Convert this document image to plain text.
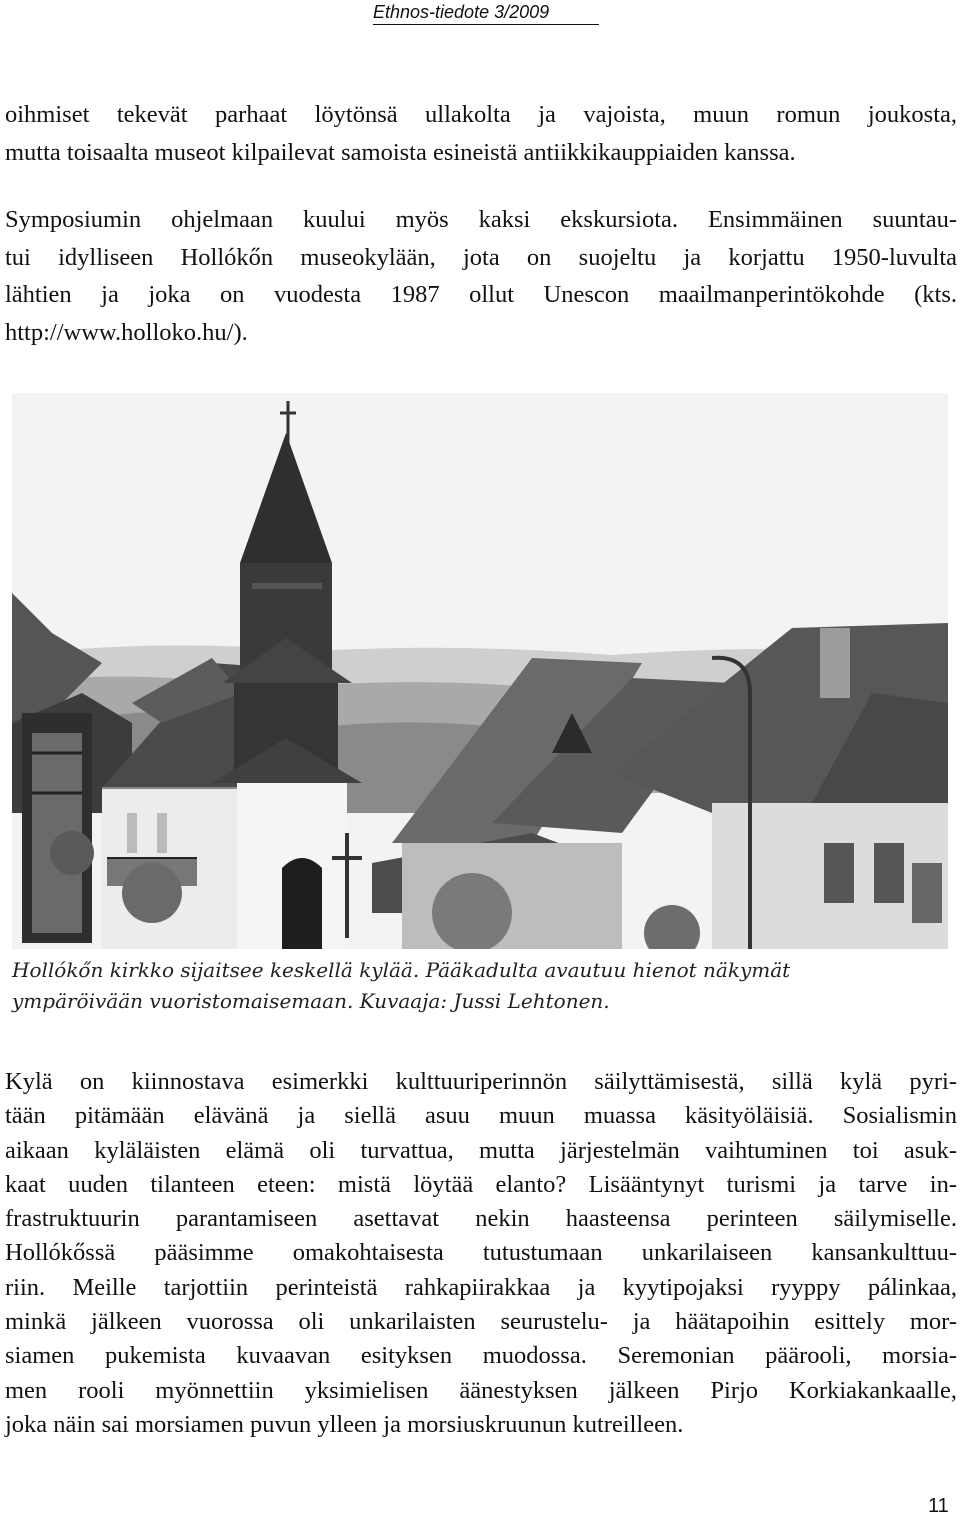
Ethnos-tiedote 3/2009
oihmiset tekevät parhaat löytönsä ullakolta ja vajoista, muun romun joukosta,
mutta toisaalta museot kilpailevat samoista esineistä antiikkikauppiaiden kanssa.
Symposiumin ohjelmaan kuului myös kaksi ekskursiota. Ensimmäinen suuntau-
tui idylliseen Hollókőn museokylään, jota on suojeltu ja korjattu 1950-luvulta
lähtien ja joka on vuodesta 1987 ollut Unescon maailmanperintökohde (kts.
http://www.holloko.hu/).
Hollókőn kirkko sijaitsee keskellä kylää. Pääkadulta avautuu hienot näkymät
ympäröivään vuoristomaisemaan. Kuvaaja: Jussi Lehtonen.
Kylä on kiinnostava esimerkki kulttuuriperinnön säilyttämisestä, sillä kylä pyri-
tään pitämään elävänä ja siellä asuu muun muassa käsityöläisiä. Sosialismin
aikaan kyläläisten elämä oli turvattua, mutta järjestelmän vaihtuminen toi asuk-
kaat uuden tilanteen eteen: mistä löytää elanto? Lisääntynyt turismi ja tarve in-
frastruktuurin parantamiseen asettavat nekin haasteensa perinteen säilymiselle.
Hollókőssä pääsimme omakohtaisesta tutustumaan unkarilaiseen kansankulttuu-
riin. Meille tarjottiin perinteistä rahkapiirakkaa ja kyytipojaksi ryyppy pálinkaa,
minkä jälkeen vuorossa oli unkarilaisten seurustelu- ja häätapoihin esittely mor-
siamen pukemista kuvaavan esityksen muodossa. Seremonian päärooli, morsia-
men rooli myönnettiin yksimielisen äänestyksen jälkeen Pirjo Korkiakankaalle,
joka näin sai morsiamen puvun ylleen ja morsiuskruunun kutreilleen.
11
